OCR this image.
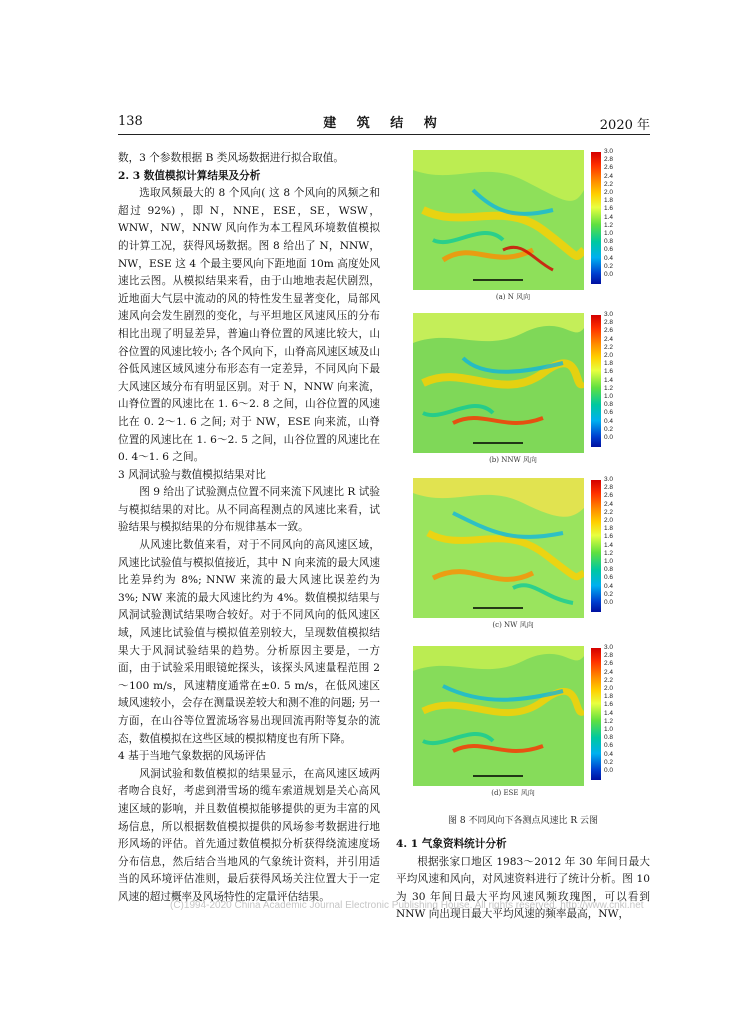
138	建 筑 结 构	2020 年

数，3 个参数根据 B 类风场数据进行拟合取值。

2. 3 数值模拟计算结果及分析

选取风频最大的 8 个风向( 这 8 个风向的风频之和超过 92%) ，即 N，NNE，ESE，SE，WSW，WNW，NW，NNW 风向作为本工程风环境数值模拟的计算工况，获得风场数据。图 8 给出了 N，NNW，NW，ESE 这 4 个最主要风向下距地面 10m 高度处风速比云图。从模拟结果来看，由于山地地表起伏剧烈，近地面大气层中流动的风的特性发生显著变化，局部风速风向会发生剧烈的变化，与平坦地区风速风压的分布相比出现了明显差异，普遍山脊位置的风速比较大，山谷位置的风速比较小; 各个风向下，山脊高风速区域及山谷低风速区域风速分布形态有一定差异，不同风向下最大风速区域分布有明显区别。对于 N，NNW 向来流，山脊位置的风速比在 1. 6～2. 8 之间，山谷位置的风速比在 0. 2～1. 6 之间; 对于 NW，ESE 向来流，山脊位置的风速比在 1. 6～2. 5 之间，山谷位置的风速比在 0. 4～1. 6 之间。

3 风洞试验与数值模拟结果对比

图 9 给出了试验测点位置不同来流下风速比 R 试验与模拟结果的对比。从不同高程测点的风速比来看，试验结果与模拟结果的分布规律基本一致。

从风速比数值来看，对于不同风向的高风速区域，风速比试验值与模拟值接近，其中 N 向来流的最大风速比差异约为 8%; NNW 来流的最大风速比误差约为 3%; NW 来流的最大风速比约为 4%。数值模拟结果与风洞试验测试结果吻合较好。对于不同风向的低风速区域，风速比试验值与模拟值差别较大，呈现数值模拟结果大于风洞试验结果的趋势。分析原因主要是，一方面，由于试验采用眼镜蛇探头，该探头风速量程范围 2～100 m/s，风速精度通常在±0. 5 m/s，在低风速区域风速较小，会存在测量误差较大和测不准的问题; 另一方面，在山谷等位置流场容易出现回流再附等复杂的流态，数值模拟在这些区域的模拟精度也有所下降。

4 基于当地气象数据的风场评估

风洞试验和数值模拟的结果显示，在高风速区域两者吻合良好，考虑到滑雪场的缆车索道规划是关心高风速区域的影响，并且数值模拟能够提供的更为丰富的风场信息，所以根据数值模拟提供的风场参考数据进行地形风场的评估。首先通过数值模拟分析获得绕流速度场分布信息，然后结合当地风的气象统计资料，并引用适当的风环境评估准则，最后获得风场关注位置大于一定风速的超过概率及风场特性的定量评估结果。

3.0
2.8
2.6
2.4
2.2
2.0
1.8
1.6
1.4
1.2
1.0
0.8
0.6
0.4
0.2
0.0
(a) N 风向
3.0
2.8
2.6
2.4
2.2
2.0
1.8
1.6
1.4
1.2
1.0
0.8
0.6
0.4
0.2
0.0
(b) NNW 风向
3.0
2.8
2.6
2.4
2.2
2.0
1.8
1.6
1.4
1.2
1.0
0.8
0.6
0.4
0.2
0.0
(c) NW 风向
3.0
2.8
2.6
2.4
2.2
2.0
1.8
1.6
1.4
1.2
1.0
0.8
0.6
0.4
0.2
0.0
(d) ESE 风向
图 8 不同风向下各测点风速比 R 云图
4. 1 气象资料统计分析

根据张家口地区 1983～2012 年 30 年间日最大平均风速和风向，对风速资料进行了统计分析。图 10 为 30 年间日最大平均风速风频玫瑰图，可以看到 NNW 向出现日最大平均风速的频率最高，NW，

(C)1994-2020 China Academic Journal Electronic Publishing House. All rights reserved. http://www.cnki.net
